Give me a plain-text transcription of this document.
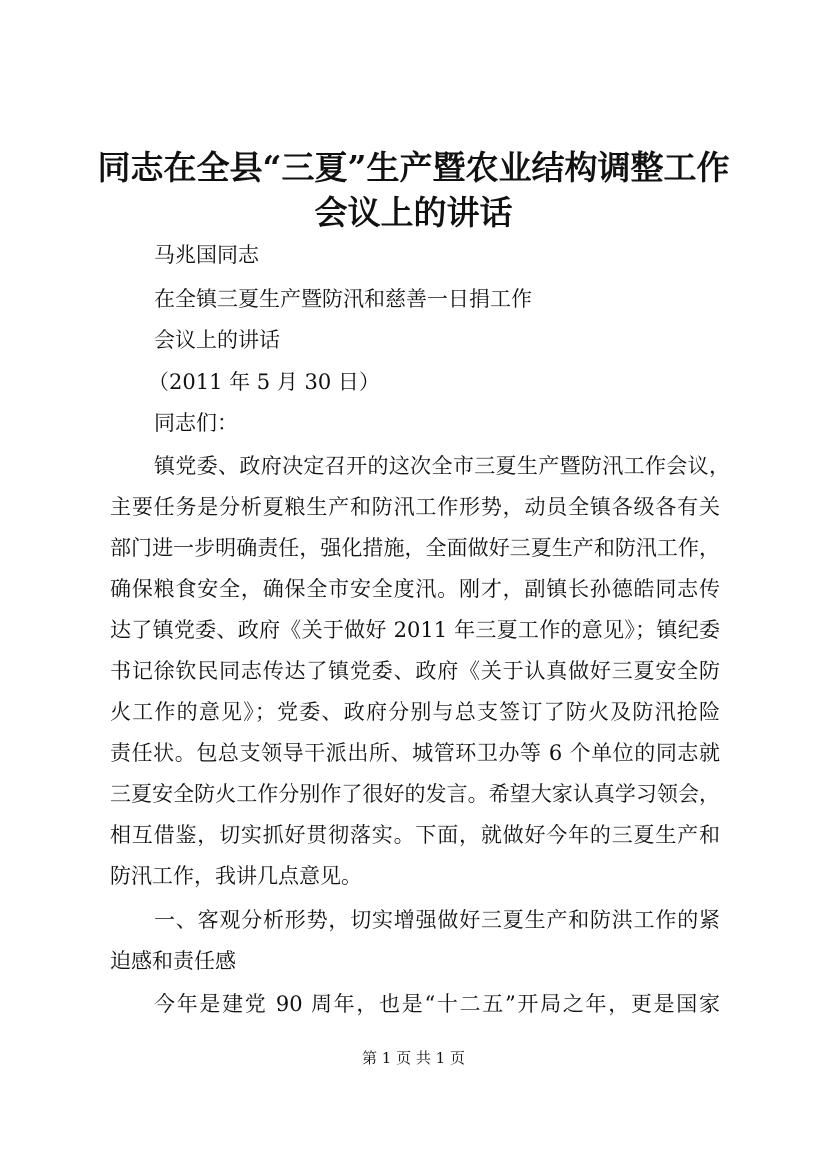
同志在全县“三夏”生产暨农业结构调整工作
会议上的讲话

马兆国同志

在全镇三夏生产暨防汛和慈善一日捐工作

会议上的讲话

（2011 年 5 月 30 日）

同志们：

镇党委、政府决定召开的这次全市三夏生产暨防汛工作会议，

主要任务是分析夏粮生产和防汛工作形势，动员全镇各级各有关

部门进一步明确责任，强化措施，全面做好三夏生产和防汛工作，

确保粮食安全，确保全市安全度汛。刚才，副镇长孙德皓同志传

达了镇党委、政府《关于做好 2011 年三夏工作的意见》；镇纪委

书记徐钦民同志传达了镇党委、政府《关于认真做好三夏安全防

火工作的意见》；党委、政府分别与总支签订了防火及防汛抢险

责任状。包总支领导干派出所、城管环卫办等 6 个单位的同志就

三夏安全防火工作分别作了很好的发言。希望大家认真学习领会，

相互借鉴，切实抓好贯彻落实。下面，就做好今年的三夏生产和

防汛工作，我讲几点意见。

一、客观分析形势，切实增强做好三夏生产和防洪工作的紧

迫感和责任感

今年是建党 90 周年，也是“十二五”开局之年，更是国家

第 1 页 共 1 页
